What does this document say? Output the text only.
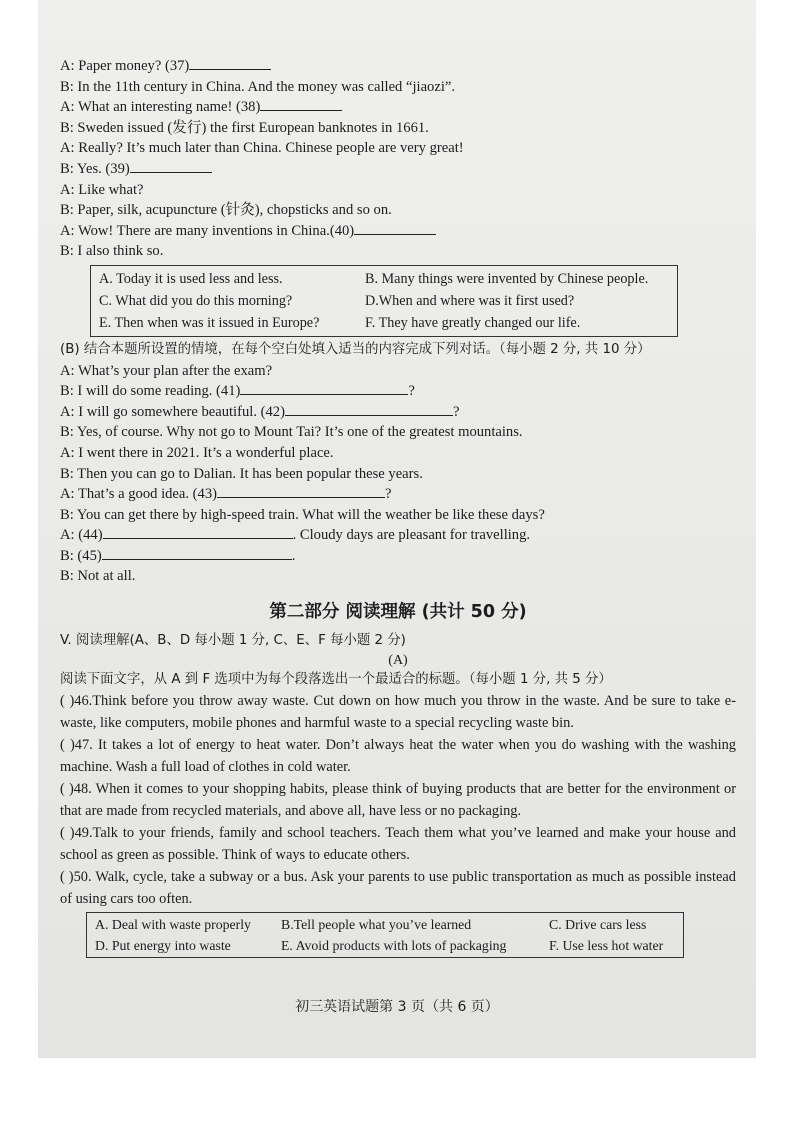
A: Paper money? (37)
B: In the 11th century in China. And the money was called “jiaozi”.
A: What an interesting name! (38)
B: Sweden issued (发行) the first European banknotes in 1661.
A: Really? It’s much later than China. Chinese people are very great!
B: Yes. (39)
A: Like what?
B: Paper, silk, acupuncture (针灸), chopsticks and so on.
A: Wow! There are many inventions in China.(40)
B: I also think so.
A. Today it is used less and less.	B. Many things were invented by Chinese people.
C. What did you do this morning?	D.When and where was it first used?
E. Then when was it issued in Europe?	F. They have greatly changed our life.
(B) 结合本题所设置的情境，在每个空白处填入适当的内容完成下列对话。（每小题 2 分, 共 10 分）
A: What’s your plan after the exam?
B: I will do some reading. (41)	?
A: I will go somewhere beautiful. (42)	?
B: Yes, of course. Why not go to Mount Tai? It’s one of the greatest mountains.
A: I went there in 2021. It’s a wonderful place.
B: Then you can go to Dalian. It has been popular these years.
A: That’s a good idea. (43)	?
B: You can get there by high-speed train. What will the weather be like these days?
A: (44)	. Cloudy days are pleasant for travelling.
B: (45)	.
B: Not at all.
第二部分 阅读理解 (共计 50 分)
V. 阅读理解(A、B、D 每小题 1 分, C、E、F 每小题 2 分)
(A)
阅读下面文字，从 A 到 F 选项中为每个段落选出一个最适合的标题。（每小题 1 分, 共 5 分）
( )46.Think before you throw away waste. Cut down on how much you throw in the waste. And be sure to take e-waste, like computers, mobile phones and harmful waste to a special recycling waste bin.
( )47. It takes a lot of energy to heat water. Don’t always heat the water when you do washing with the washing machine. Wash a full load of clothes in cold water.
( )48. When it comes to your shopping habits, please think of buying products that are better for the environment or that are made from recycled materials, and above all, have less or no packaging.
( )49.Talk to your friends, family and school teachers. Teach them what you’ve learned and make your house and school as green as possible. Think of ways to educate others.
( )50. Walk, cycle, take a subway or a bus. Ask your parents to use public transportation as much as possible instead of using cars too often.
A. Deal with waste properly	B.Tell people what you’ve learned	C. Drive cars less
D. Put energy into waste	E. Avoid products with lots of packaging	F. Use less hot water
初三英语试题第 3 页（共 6 页）
